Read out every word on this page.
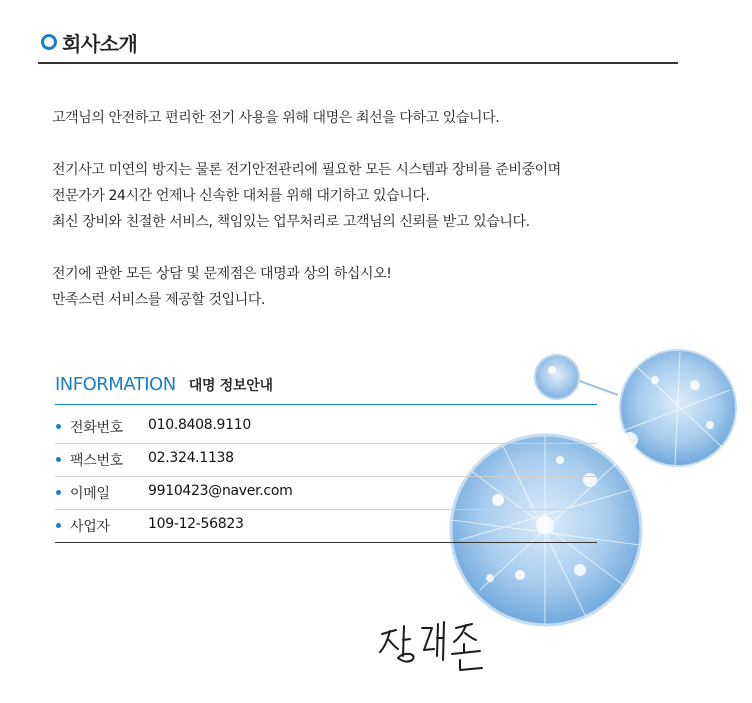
회사소개

고객님의 안전하고 편리한 전기 사용을 위해 대명은 최선을 다하고 있습니다.

전기사고 미연의 방지는 물론 전기안전관리에 필요한 모든 시스템과 장비를 준비중이며
전문가가 24시간 언제나 신속한 대처를 위해 대기하고 있습니다.
최신 장비와 친절한 서비스, 책임있는 업무처리로 고객님의 신뢰를 받고 있습니다.

전기에 관한 모든 상담 및 문제점은 대명과 상의 하십시오!
만족스런 서비스를 제공할 것입니다.

INFORMATION 대명 정보안내
전화번호 010.8408.9110
팩스번호 02.324.1138
이메일	9910423@naver.com
사업자	109-12-56823
